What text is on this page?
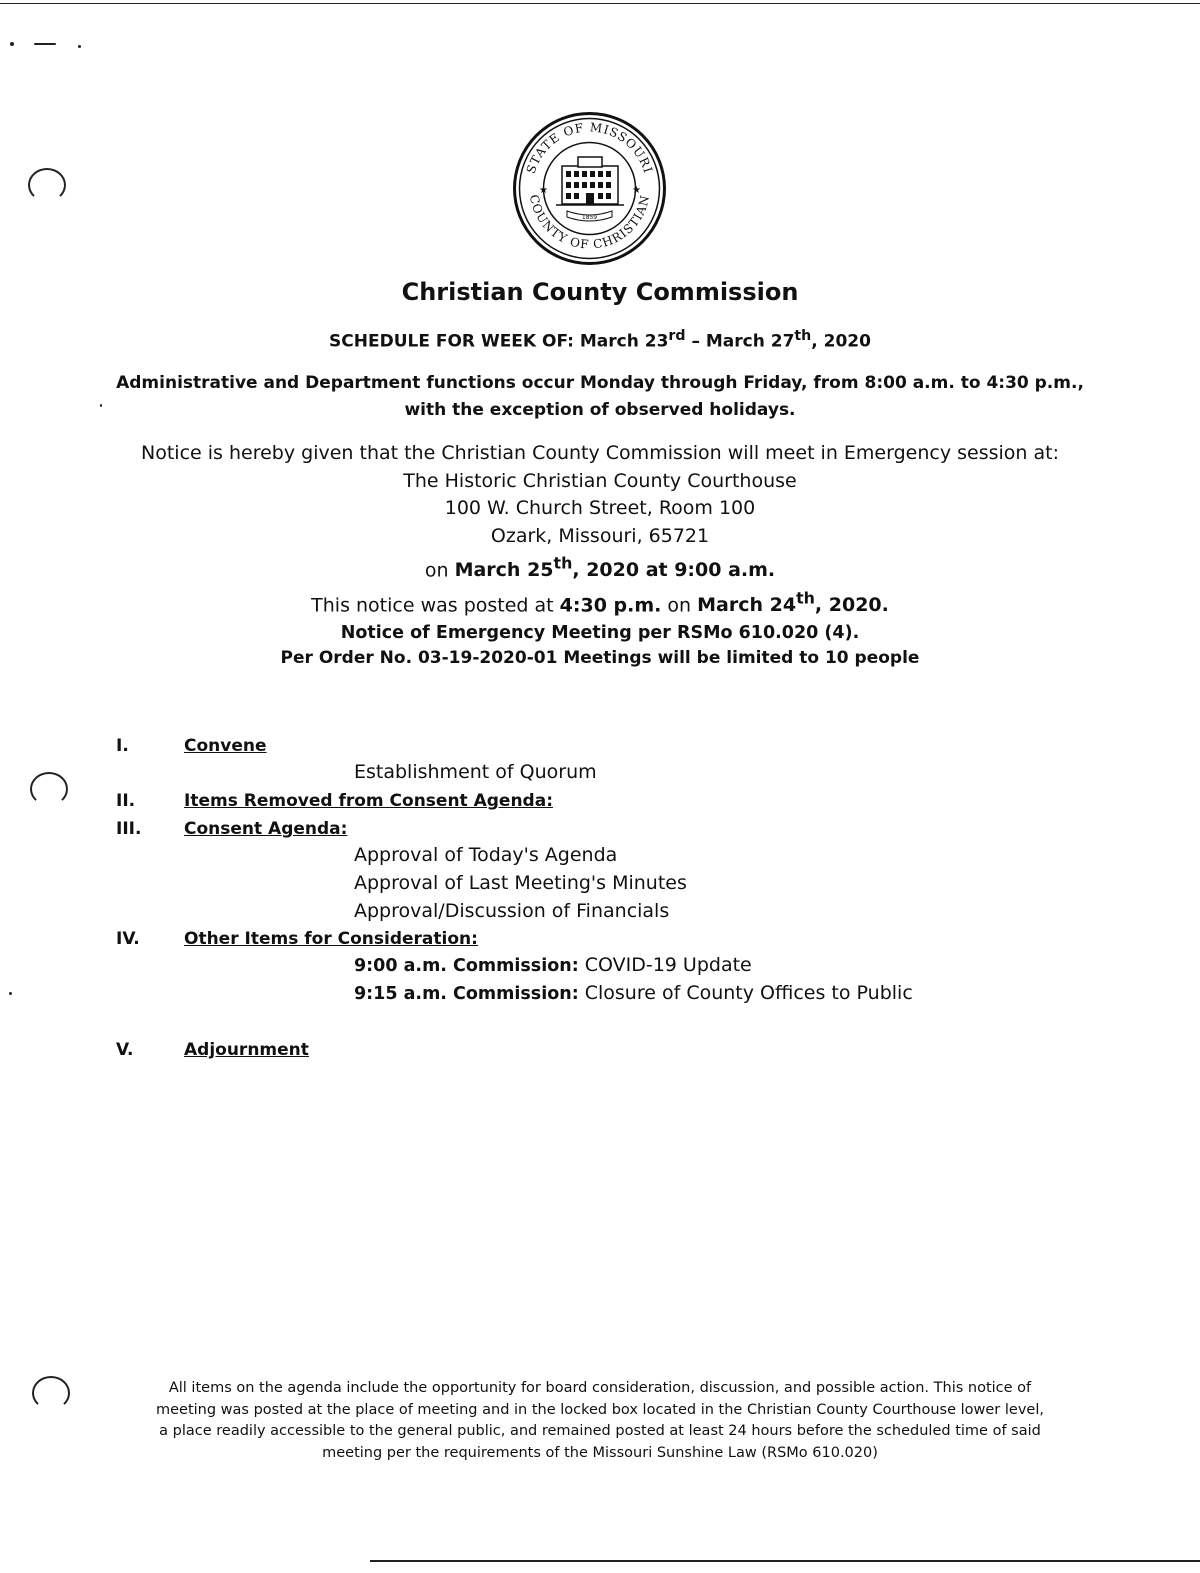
STATE OF MISSOURI
COUNTY OF CHRISTIAN
★	★
1859
Christian County Commission
SCHEDULE FOR WEEK OF: March 23rd – March 27th, 2020
Administrative and Department functions occur Monday through Friday, from 8:00 a.m. to 4:30 p.m.,
with the exception of observed holidays.
Notice is hereby given that the Christian County Commission will meet in Emergency session at:
The Historic Christian County Courthouse
100 W. Church Street, Room 100
Ozark, Missouri, 65721
on March 25th, 2020 at 9:00 a.m.
This notice was posted at 4:30 p.m. on March 24th, 2020.
Notice of Emergency Meeting per RSMo 610.020 (4).
Per Order No. 03-19-2020-01 Meetings will be limited to 10 people
I.	Convene
Establishment of Quorum
II.	Items Removed from Consent Agenda:
III.	Consent Agenda:
Approval of Today's Agenda
Approval of Last Meeting's Minutes
Approval/Discussion of Financials
IV.	Other Items for Consideration:
9:00 a.m. Commission: COVID-19 Update
9:15 a.m. Commission: Closure of County Offices to Public
V.	Adjournment
All items on the agenda include the opportunity for board consideration, discussion, and possible action. This notice of
meeting was posted at the place of meeting and in the locked box located in the Christian County Courthouse lower level,
a place readily accessible to the general public, and remained posted at least 24 hours before the scheduled time of said
meeting per the requirements of the Missouri Sunshine Law (RSMo 610.020)
